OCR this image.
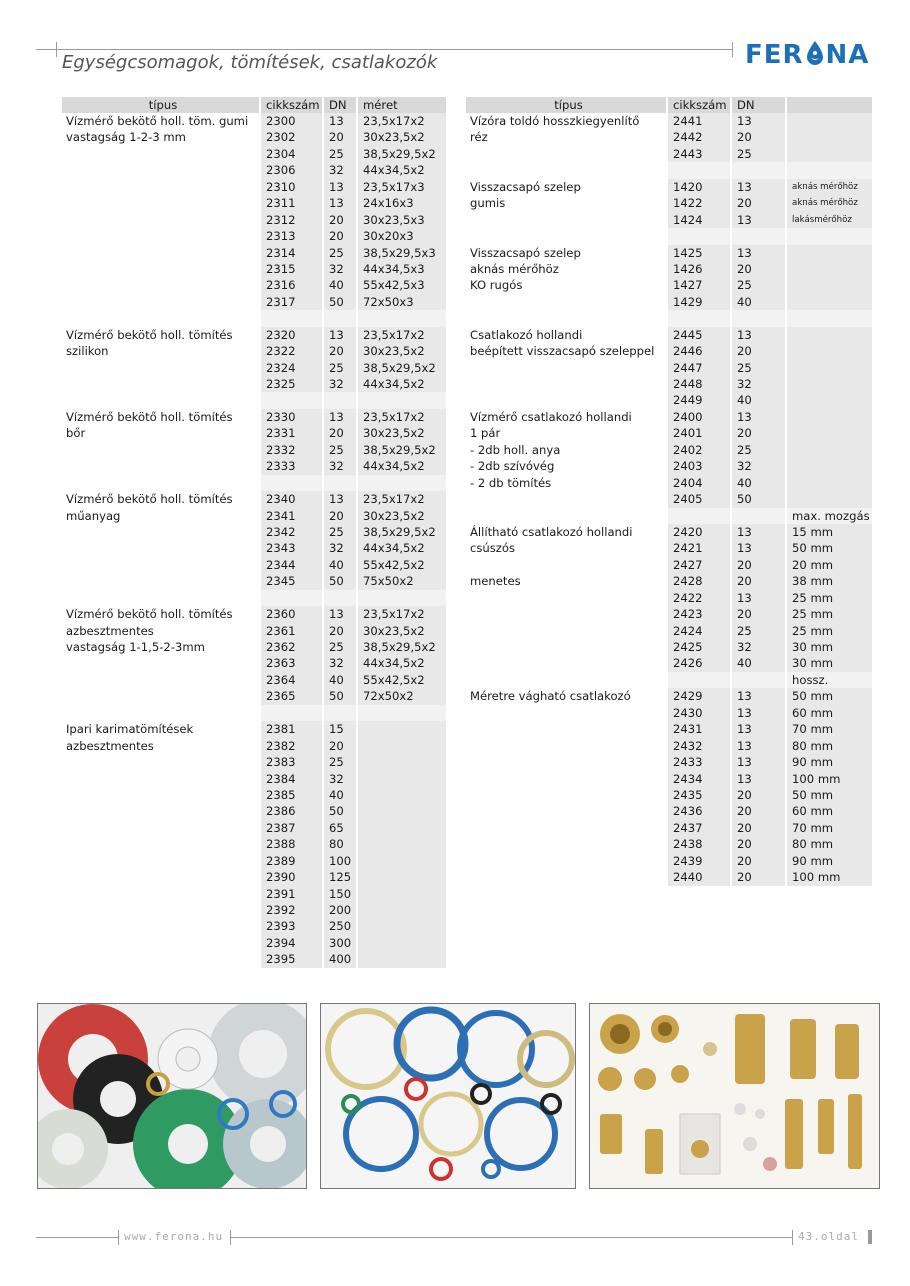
Egységcsomagok, tömítések, csatlakozók	FER NA
típus	cikkszám	DN	méret
Vízmérő bekötő holl. töm. gumi	2300	13	23,5x17x2
vastagság 1-2-3 mm	2302	20	30x23,5x2
	2304	25	38,5x29,5x2
	2306	32	44x34,5x2
	2310	13	23,5x17x3
	2311	13	24x16x3
	2312	20	30x23,5x3
	2313	20	30x20x3
	2314	25	38,5x29,5x3
	2315	32	44x34,5x3
	2316	40	55x42,5x3
	2317	50	72x50x3

Vízmérő bekötő holl. tömítés	2320	13	23,5x17x2
szilikon	2322	20	30x23,5x2
	2324	25	38,5x29,5x2
	2325	32	44x34,5x2

Vízmérő bekötő holl. tömítés	2330	13	23,5x17x2
bőr	2331	20	30x23,5x2
	2332	25	38,5x29,5x2
	2333	32	44x34,5x2

Vízmérő bekötő holl. tömítés	2340	13	23,5x17x2
műanyag	2341	20	30x23,5x2
	2342	25	38,5x29,5x2
	2343	32	44x34,5x2
	2344	40	55x42,5x2
	2345	50	75x50x2

Vízmérő bekötő holl. tömítés	2360	13	23,5x17x2
azbesztmentes	2361	20	30x23,5x2
vastagság 1-1,5-2-3mm	2362	25	38,5x29,5x2
	2363	32	44x34,5x2
	2364	40	55x42,5x2
	2365	50	72x50x2

Ipari karimatömítések	2381	15	
azbesztmentes	2382	20	
	2383	25	
	2384	32	
	2385	40	
	2386	50	
	2387	65	
	2388	80	
	2389	100	
	2390	125	
	2391	150	
	2392	200	
	2393	250	
	2394	300	
	2395	400	
típus	cikkszám	DN	
Vízóra toldó hosszkiegyenlítő	2441	13	
réz	2442	20	
	2443	25	

Visszacsapó szelep	1420	13	aknás mérőhöz
gumis	1422	20	aknás mérőhöz
	1424	13	lakásmérőhöz

Visszacsapó szelep	1425	13	
aknás mérőhöz	1426	20	
KO rugós	1427	25	
	1429	40	

Csatlakozó hollandi	2445	13	
beépített visszacsapó szeleppel	2446	20	
	2447	25	
	2448	32	
	2449	40	
Vízmérő csatlakozó hollandi	2400	13	
1 pár	2401	20	
- 2db holl. anya	2402	25	
- 2db szívóvég	2403	32	
- 2 db tömítés	2404	40	
	2405	50	
			max. mozgás
Állítható csatlakozó hollandi	2420	13	15 mm
csúszós	2421	13	50 mm
	2427	20	20 mm
menetes	2428	20	38 mm
	2422	13	25 mm
	2423	20	25 mm
	2424	25	25 mm
	2425	32	30 mm
	2426	40	30 mm
			hossz.
Méretre vágható csatlakozó	2429	13	50 mm
	2430	13	60 mm
	2431	13	70 mm
	2432	13	80 mm
	2433	13	90 mm
	2434	13	100 mm
	2435	20	50 mm
	2436	20	60 mm
	2437	20	70 mm
	2438	20	80 mm
	2439	20	90 mm
	2440	20	100 mm
www.ferona.hu	43.oldal
